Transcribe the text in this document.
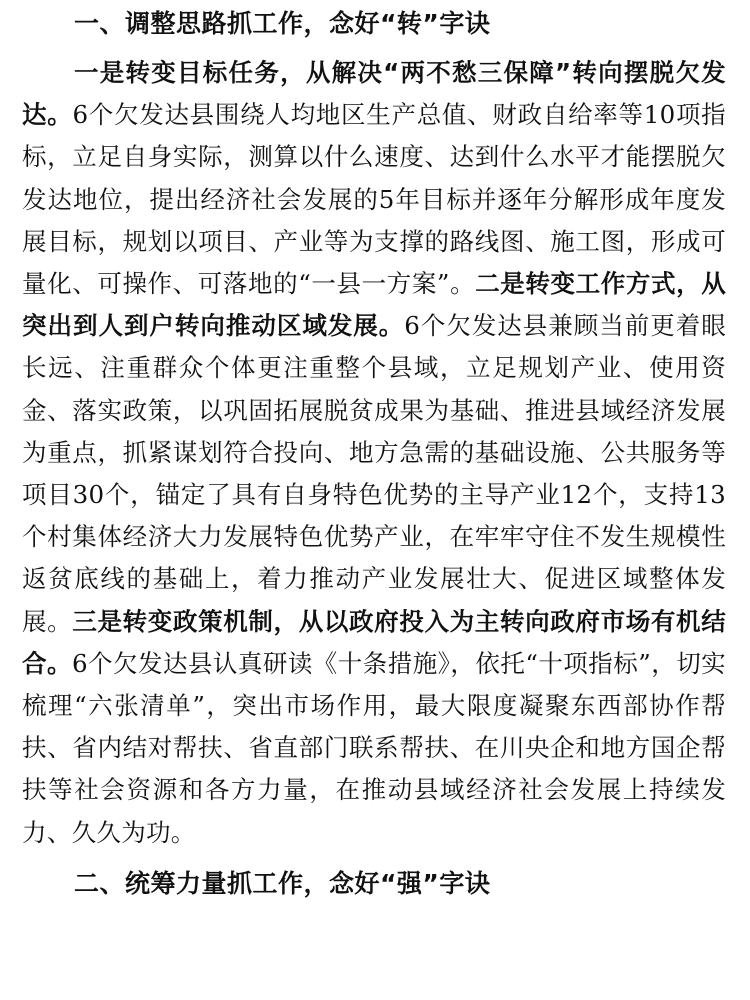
一、调整思路抓工作，念好“转”字诀

一是转变目标任务，从解决“两不愁三保障”转向摆脱欠发达。6个欠发达县围绕人均地区生产总值、财政自给率等10项指标，立足自身实际，测算以什么速度、达到什么水平才能摆脱欠发达地位，提出经济社会发展的5年目标并逐年分解形成年度发展目标，规划以项目、产业等为支撑的路线图、施工图，形成可量化、可操作、可落地的“一县一方案”。二是转变工作方式，从突出到人到户转向推动区域发展。6个欠发达县兼顾当前更着眼长远、注重群众个体更注重整个县域，立足规划产业、使用资金、落实政策，以巩固拓展脱贫成果为基础、推进县域经济发展为重点，抓紧谋划符合投向、地方急需的基础设施、公共服务等项目30个，锚定了具有自身特色优势的主导产业12个，支持13个村集体经济大力发展特色优势产业，在牢牢守住不发生规模性返贫底线的基础上，着力推动产业发展壮大、促进区域整体发展。三是转变政策机制，从以政府投入为主转向政府市场有机结合。6个欠发达县认真研读《十条措施》，依托“十项指标”，切实梳理“六张清单”，突出市场作用，最大限度凝聚东西部协作帮扶、省内结对帮扶、省直部门联系帮扶、在川央企和地方国企帮扶等社会资源和各方力量，在推动县域经济社会发展上持续发力、久久为功。

二、统筹力量抓工作，念好“强”字诀
